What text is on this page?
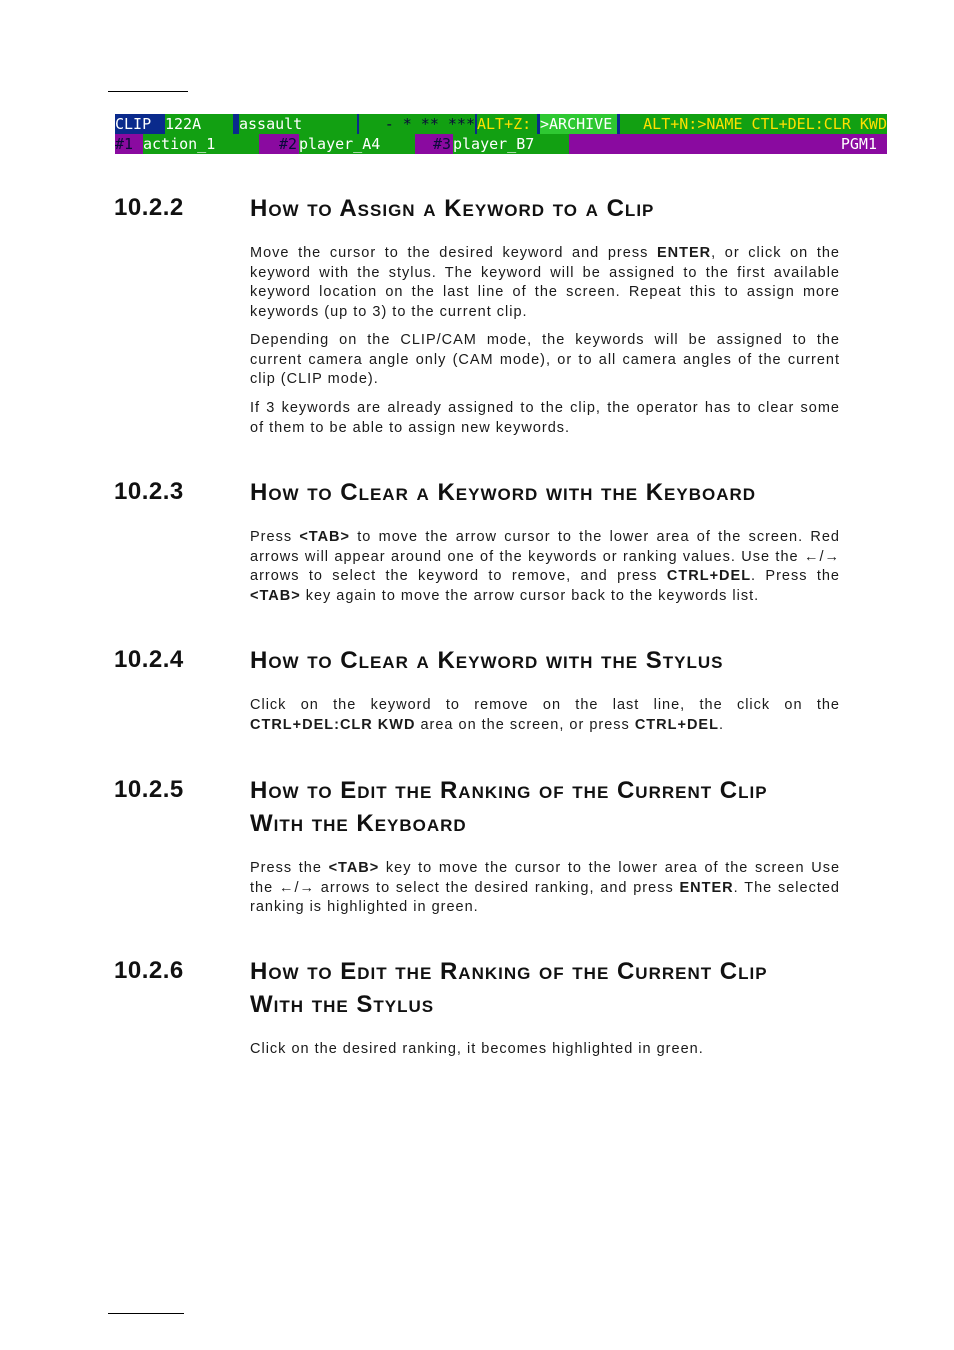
CLIP 122A	assault	- * ** *** ALT+Z: >ARCHIVE	ALT+N:>NAME CTL+DEL:CLR KWD
#1 action_1	#2 player_A4	#3 player_B7	PGM1
10.2.2	How to Assign a Keyword to a Clip

Move the cursor to the desired keyword and press ENTER, or click on the keyword with the stylus. The keyword will be assigned to the first available keyword location on the last line of the screen. Repeat this to assign more keywords (up to 3) to the current clip.

Depending on the CLIP/CAM mode, the keywords will be assigned to the current camera angle only (CAM mode), or to all camera angles of the current clip (CLIP mode).

If 3 keywords are already assigned to the clip, the operator has to clear some of them to be able to assign new keywords.

10.2.3	How to Clear a Keyword with the Keyboard

Press <TAB> to move the arrow cursor to the lower area of the screen. Red arrows will appear around one of the keywords or ranking values. Use the ←/→ arrows to select the keyword to remove, and press CTRL+DEL. Press the <TAB> key again to move the arrow cursor back to the keywords list.

10.2.4	How to Clear a Keyword with the Stylus

Click on the keyword to remove on the last line, the click on the CTRL+DEL:CLR KWD area on the screen, or press CTRL+DEL.

10.2.5	How to Edit the Ranking of the Current Clip
With the Keyboard

Press the <TAB> key to move the cursor to the lower area of the screen Use the ←/→ arrows to select the desired ranking, and press ENTER. The selected ranking is highlighted in green.

10.2.6	How to Edit the Ranking of the Current Clip
With the Stylus

Click on the desired ranking, it becomes highlighted in green.
